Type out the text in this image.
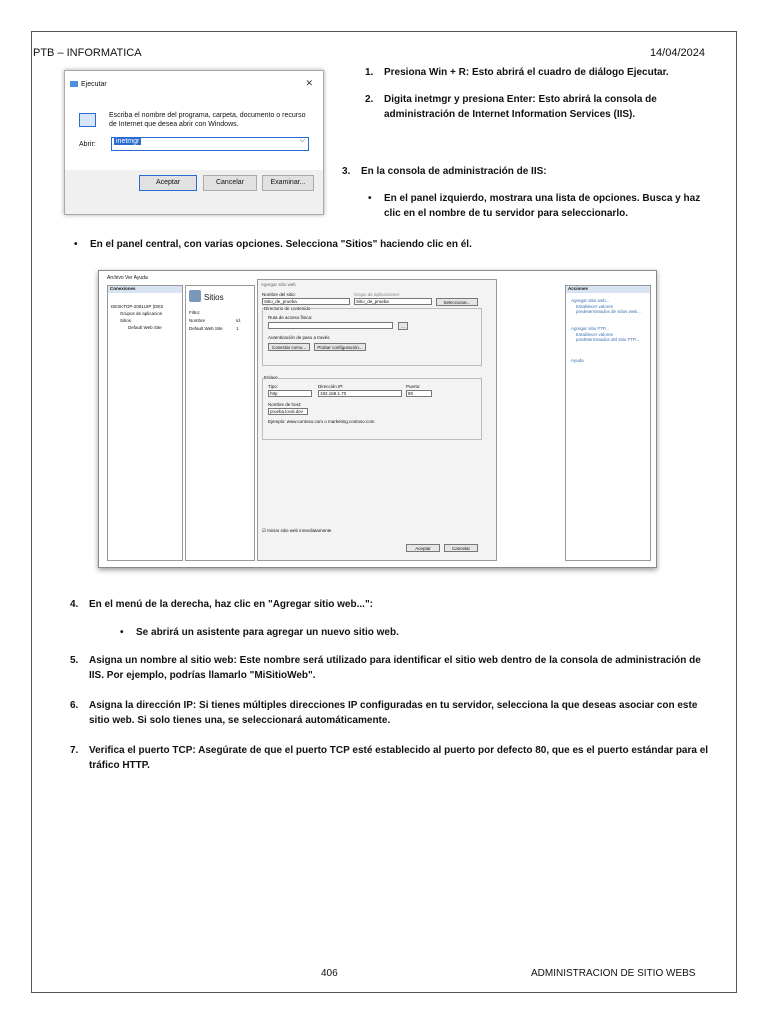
PTB – INFORMATICA	14/04/2024
Ejecutar	✕
Escriba el nombre del programa, carpeta, documento o recurso de Internet que desea abrir con Windows.
Abrir:	inetmgr	⌵
Aceptar	Cancelar	Examinar...
1. Presiona Win + R: Esto abrirá el cuadro de diálogo Ejecutar.
2. Digita inetmgr y presiona Enter: Esto abrirá la consola de administración de Internet Information Services (IIS).
3. En la consola de administración de IIS:
• En el panel izquierdo, mostrara una lista de opciones. Busca y haz clic en el nombre de tu servidor para seleccionarlo.
• En el panel central, con varias opciones. Selecciona "Sitios" haciendo clic en él.
Archivo Ver Ayuda
Conexiones
DESKTOP-2081UIP (DES
Grupos de aplicacion
Sitios
Default Web Site
Sitios
Filtro:
Nombre	Id.
Default Web Site	1
Agregar sitio web
Nombre del sitio:
Sitio_de_prueba
Grupo de aplicaciones:
Sitio_de_prueba	Seleccionar...
Directorio de contenido
Ruta de acceso física:
...
Autenticación de paso a través
Conectar como...	Probar configuración...
Enlace
Tipo:
http
Dirección IP:
192.168.1.70
Puerto:
80
Nombre de host:
prueba.local.dev
Ejemplo: www.contoso.com o marketing.contoso.com
☑ Iniciar sitio web inmediatamente
Aceptar	Cancelar
Acciones
Agregar sitio web...
Establecer valores predeterminados de sitios web...
Agregar sitio FTP...
Establecer valores predeterminados del sitio FTP...
Ayuda
4. En el menú de la derecha, haz clic en "Agregar sitio web...":
• Se abrirá un asistente para agregar un nuevo sitio web.
5. Asigna un nombre al sitio web: Este nombre será utilizado para identificar el sitio web dentro de la consola de administración de IIS. Por ejemplo, podrías llamarlo "MiSitioWeb".
6. Asigna la dirección IP: Si tienes múltiples direcciones IP configuradas en tu servidor, selecciona la que deseas asociar con este sitio web. Si solo tienes una, se seleccionará automáticamente.
7. Verifica el puerto TCP: Asegúrate de que el puerto TCP esté establecido al puerto por defecto 80, que es el puerto estándar para el tráfico HTTP.
406	ADMINISTRACION DE SITIO WEBS
